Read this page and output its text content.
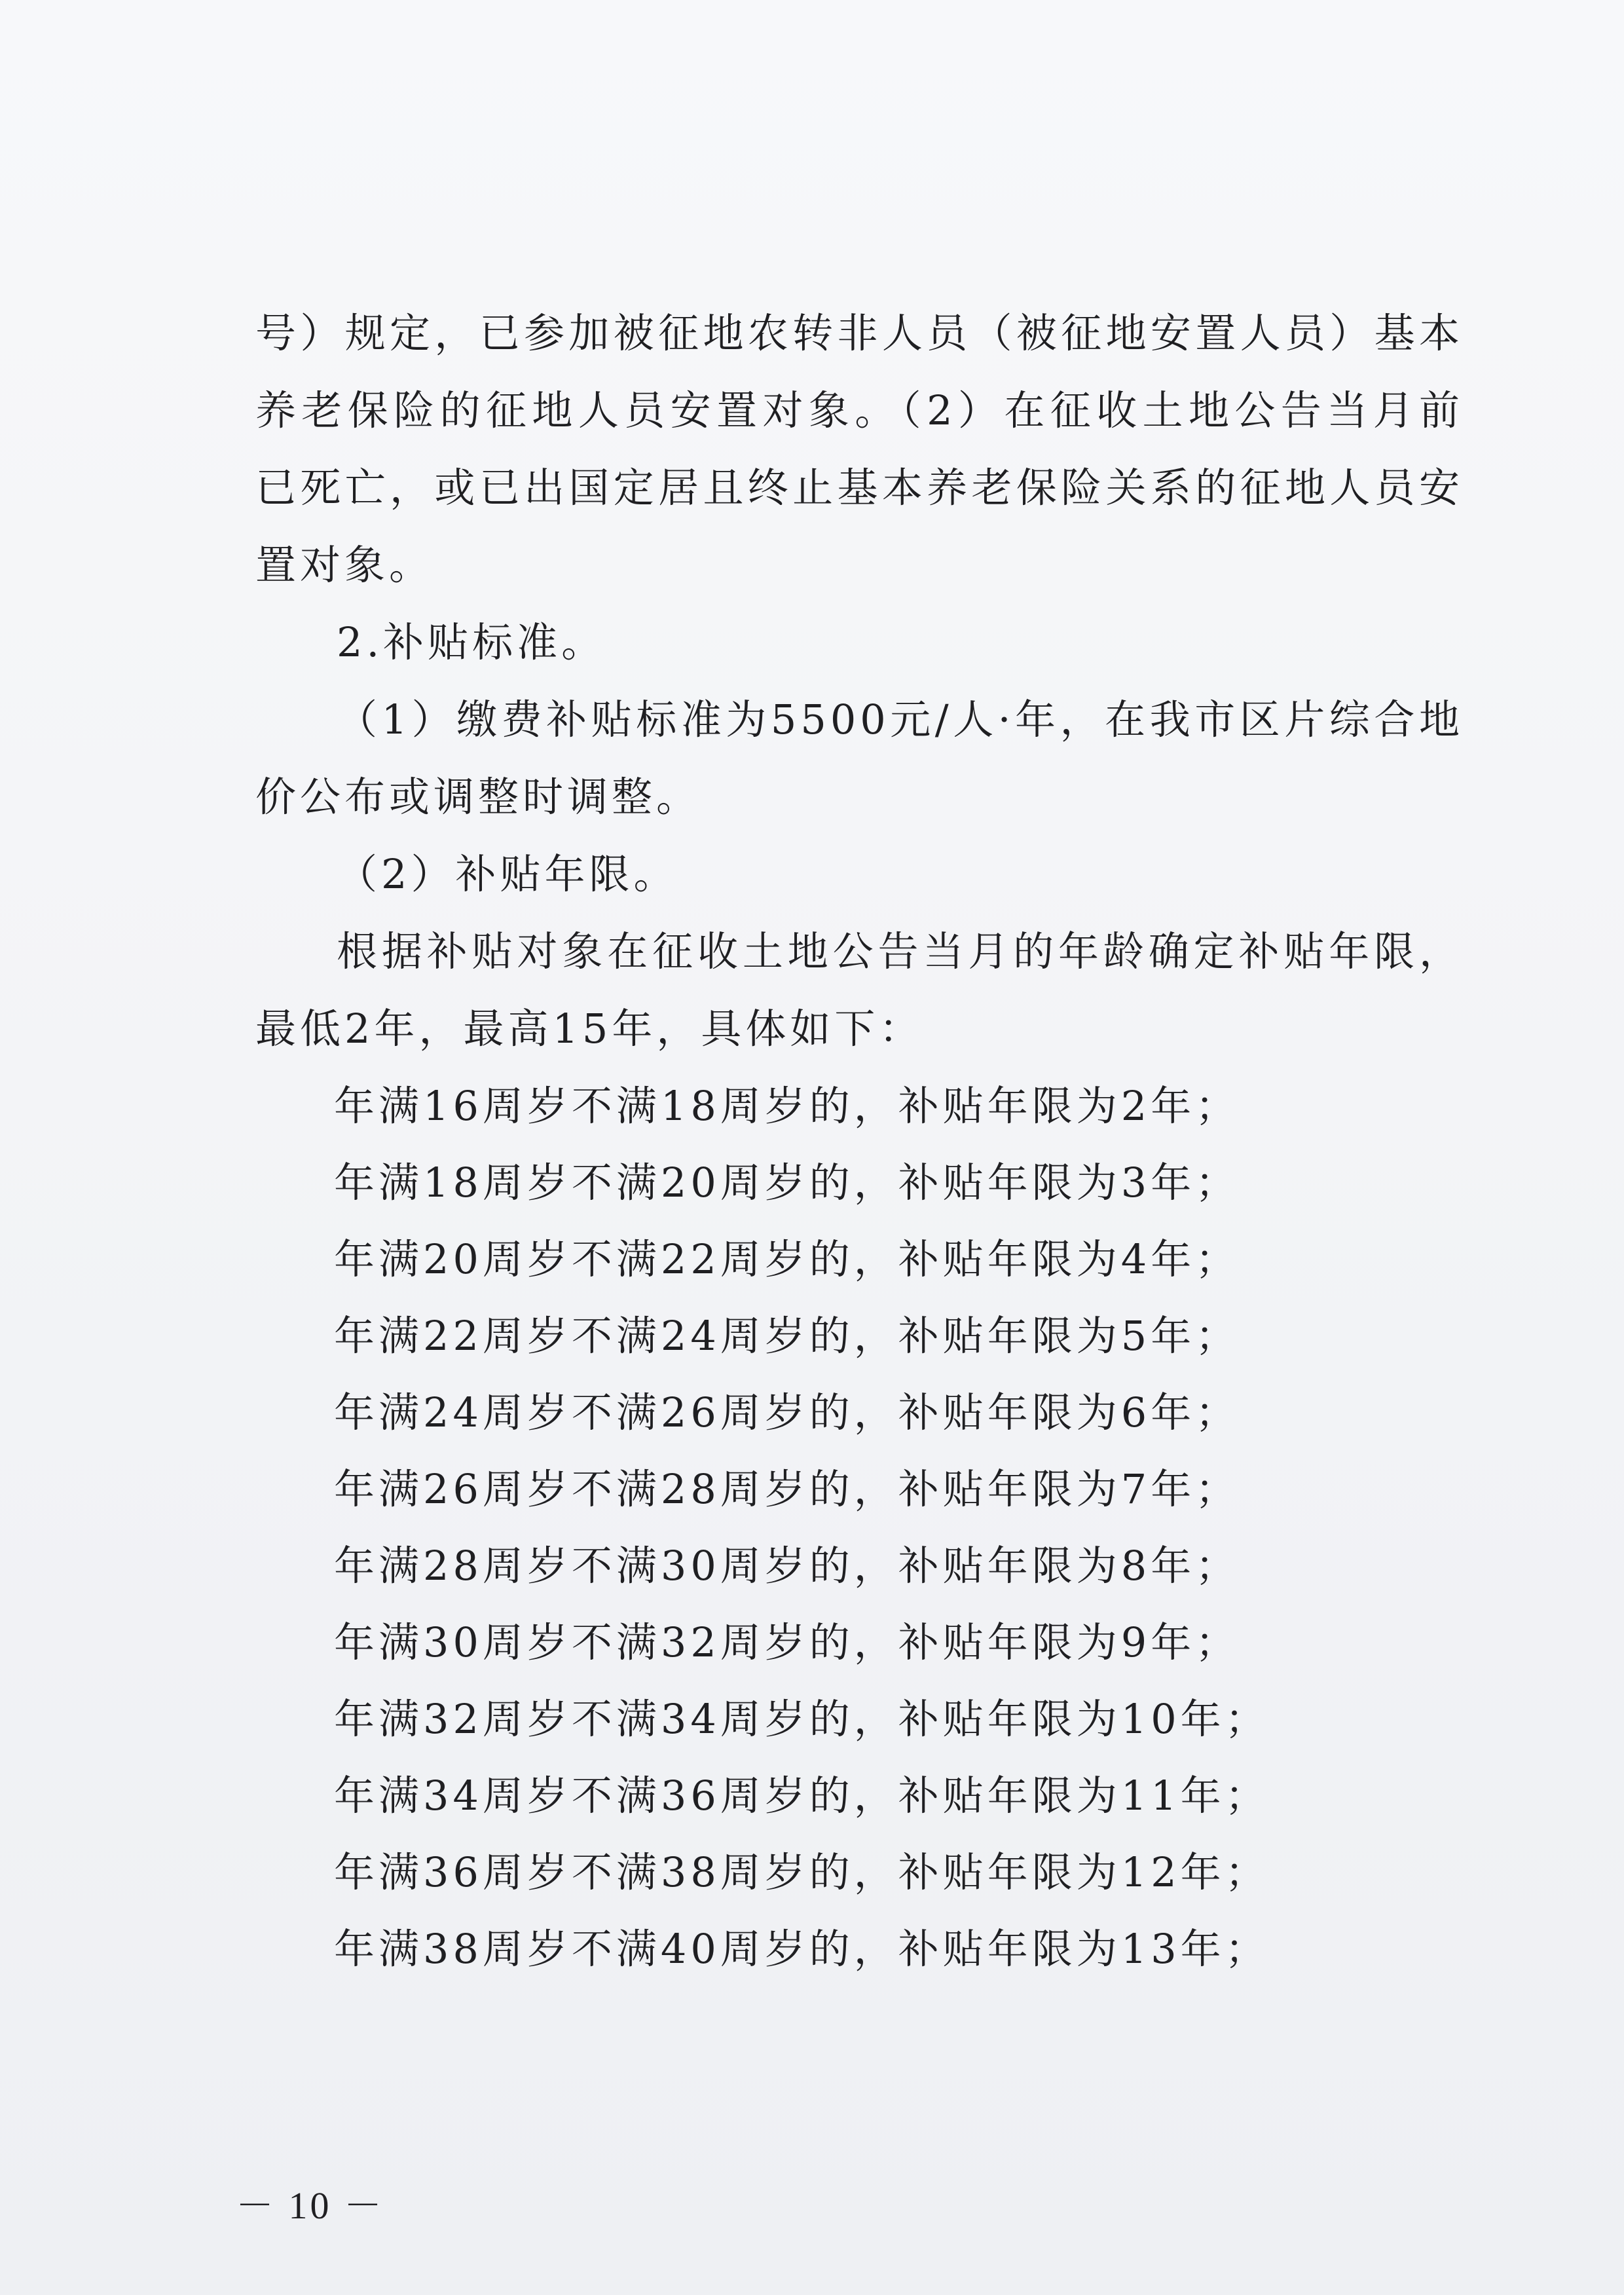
号）规定，已参加被征地农转非人员（被征地安置人员）基本养老保险的征地人员安置对象。（2）在征收土地公告当月前已死亡，或已出国定居且终止基本养老保险关系的征地人员安置对象。

2.补贴标准。

（1）缴费补贴标准为5500元/人·年，在我市区片综合地价公布或调整时调整。

（2）补贴年限。

根据补贴对象在征收土地公告当月的年龄确定补贴年限，最低2年，最高15年，具体如下：

年满16周岁不满18周岁的，补贴年限为2年；

年满18周岁不满20周岁的，补贴年限为3年；

年满20周岁不满22周岁的，补贴年限为4年；

年满22周岁不满24周岁的，补贴年限为5年；

年满24周岁不满26周岁的，补贴年限为6年；

年满26周岁不满28周岁的，补贴年限为7年；

年满28周岁不满30周岁的，补贴年限为8年；

年满30周岁不满32周岁的，补贴年限为9年；

年满32周岁不满34周岁的，补贴年限为10年；

年满34周岁不满36周岁的，补贴年限为11年；

年满36周岁不满38周岁的，补贴年限为12年；

年满38周岁不满40周岁的，补贴年限为13年；

－ 10 －
